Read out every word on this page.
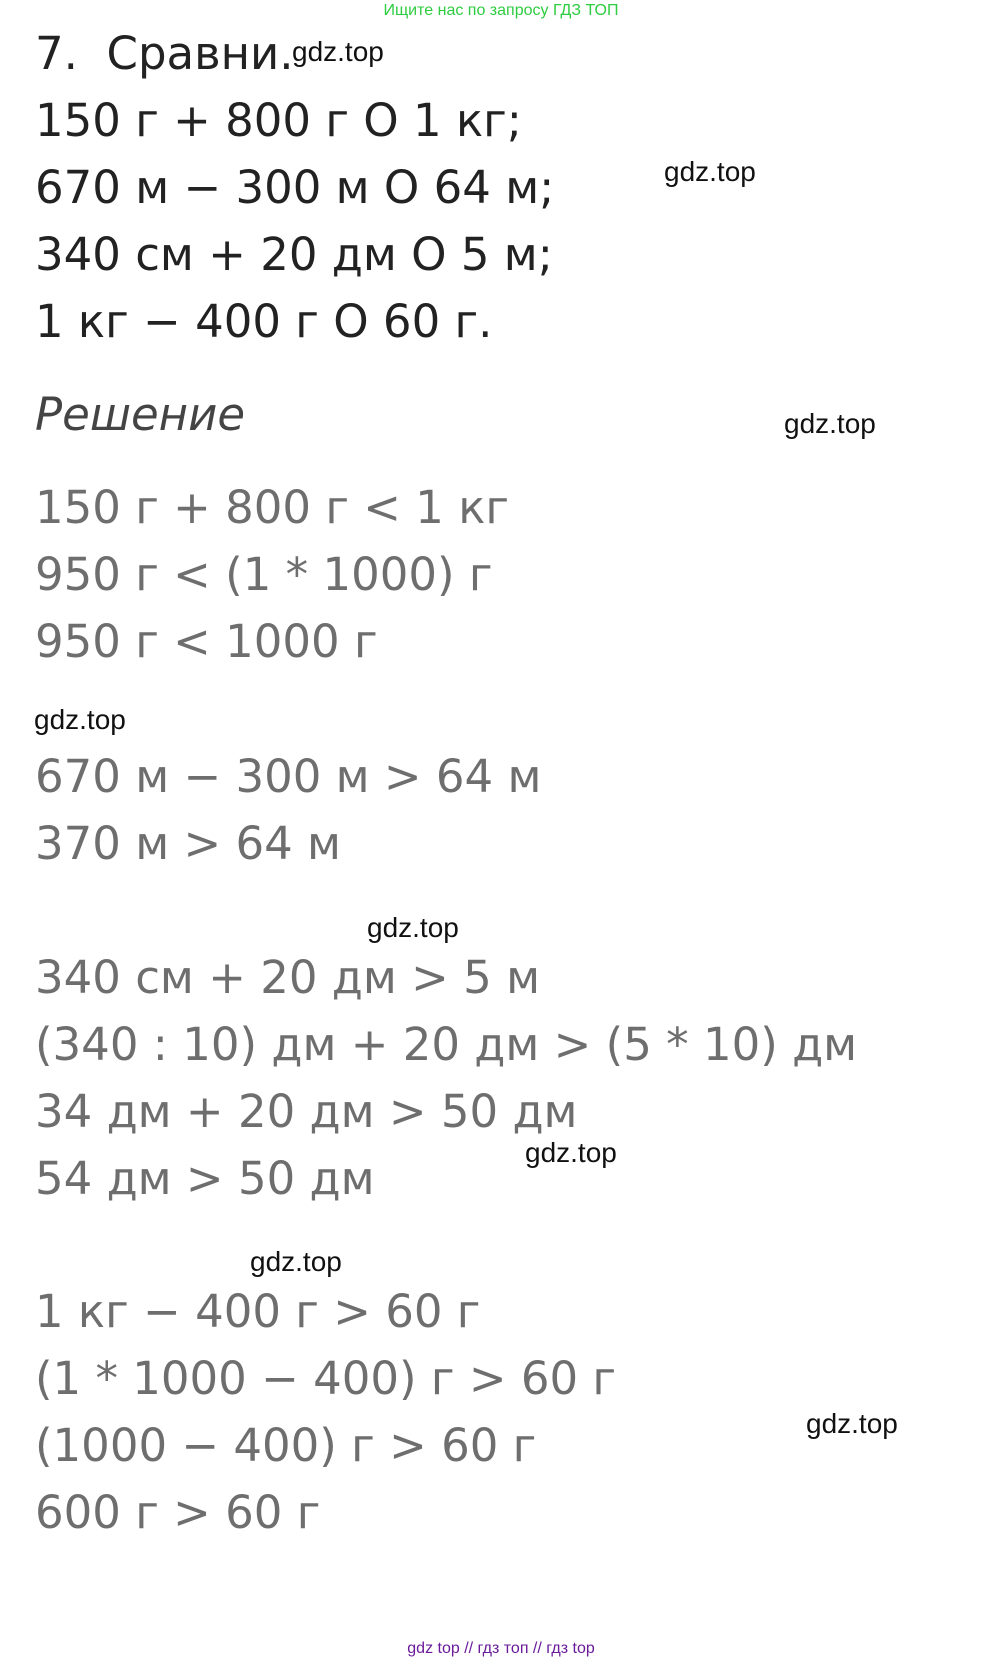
Ищите нас по запросу ГДЗ ТОП
7.  Сравни.
150 г + 800 г О 1 кг;
670 м − 300 м О 64 м;
340 см + 20 дм О 5 м;
1 кг − 400 г О 60 г.
Решение
150 г + 800 г < 1 кг
950 г < (1 * 1000) г
950 г < 1000 г
670 м − 300 м > 64 м
370 м > 64 м
340 см + 20 дм > 5 м
(340 : 10) дм + 20 дм > (5 * 10) дм
34 дм + 20 дм > 50 дм
54 дм > 50 дм
1 кг − 400 г > 60 г
(1 * 1000 − 400) г > 60 г
(1000 − 400) г > 60 г
600 г > 60 г
gdz.top
gdz.top
gdz.top
gdz.top
gdz.top
gdz.top
gdz.top
gdz.top
gdz top // гдз топ // гдз top
